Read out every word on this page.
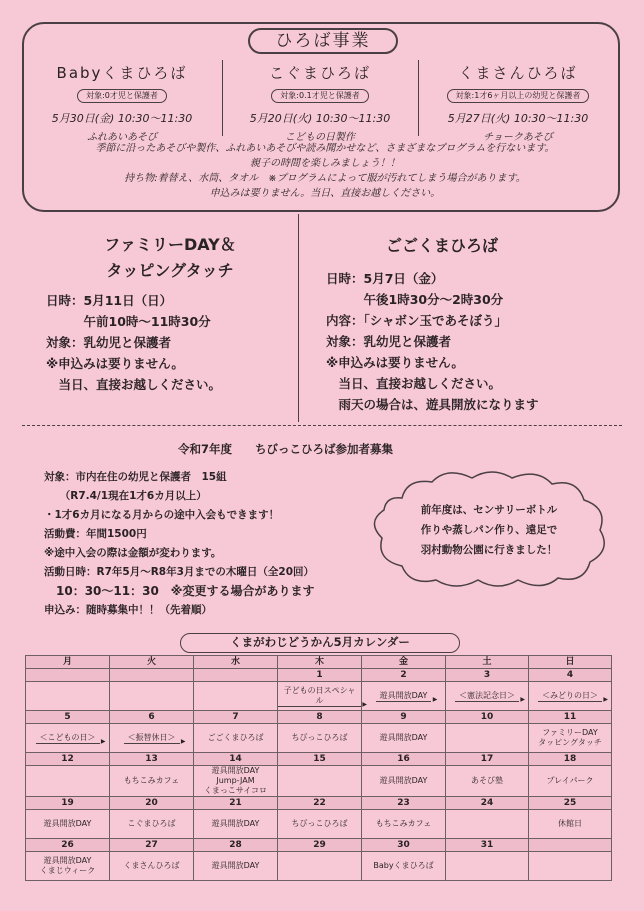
ひろば事業
Babyくまひろば
対象:0才児と保護者
5月30日(金) 10:30～11:30
ふれあいあそび
こぐまひろば
対象:0.1才児と保護者
5月20日(火) 10:30～11:30
こどもの日製作
くまさんひろば
対象:1才6ヶ月以上の幼児と保護者
5月27日(火) 10:30～11:30
チョークあそび
季節に沿ったあそびや製作、ふれあいあそびや読み聞かせなど、さまざまなプログラムを行ないます。
親子の時間を楽しみましょう！！
持ち物:着替え、水筒、タオル　※プログラムによって服が汚れてしまう場合があります。
申込みは要りません。当日、直接お越しください。
ファミリーDAY＆
タッピングタッチ
日時：5月11日（日）
　　　午前10時～11時30分
対象：乳幼児と保護者
※申込みは要りません。
　当日、直接お越しください。
ごごくまひろば
日時：5月7日（金）
　　　午後1時30分～2時30分
内容：「シャボン玉であそぼう」
対象：乳幼児と保護者
※申込みは要りません。
　当日、直接お越しください。
　雨天の場合は、遊具開放になります
令和7年度　　ちびっこひろば参加者募集
対象：市内在住の幼児と保護者　15組
　　（R7.4/1現在1才6カ月以上）
・1才6カ月になる月からの途中入会もできます！
活動費：年間1500円
※途中入会の際は金額が変わります。
活動日時：R7年5月～R8年3月までの木曜日（全20回）
　10：30～11：30　※変更する場合があります
申込み：随時募集中！！（先着順）
前年度は、センサリーボトル
作りや蒸しパン作り、遠足で
羽村動物公園に行きました！
月	火	水	木	金	土	日
			1	2	3	4
			子どもの日スペシャル ▶	遊具開放DAY ▶	＜憲法記念日＞ ▶	＜みどりの日＞ ▶
5	6	7	8	9	10	11
＜こどもの日＞ ▶	＜振替休日＞ ▶	ごごくまひろば	ちびっこひろば	遊具開放DAY		ファミリーDAY
タッピングタッチ
12	13	14	15	16	17	18
	もちこみカフェ	遊具開放DAY
Jump-JAM
くまっこサイコロ		遊具開放DAY	あそび塾	プレイパーク
19	20	21	22	23	24	25
遊具開放DAY	こぐまひろば	遊具開放DAY	ちびっこひろば	もちこみカフェ		休館日
26	27	28	29	30	31	
遊具開放DAY
くまじウィーク	くまさんひろば	遊具開放DAY		Babyくまひろば		
くまがわじどうかん5月カレンダー
